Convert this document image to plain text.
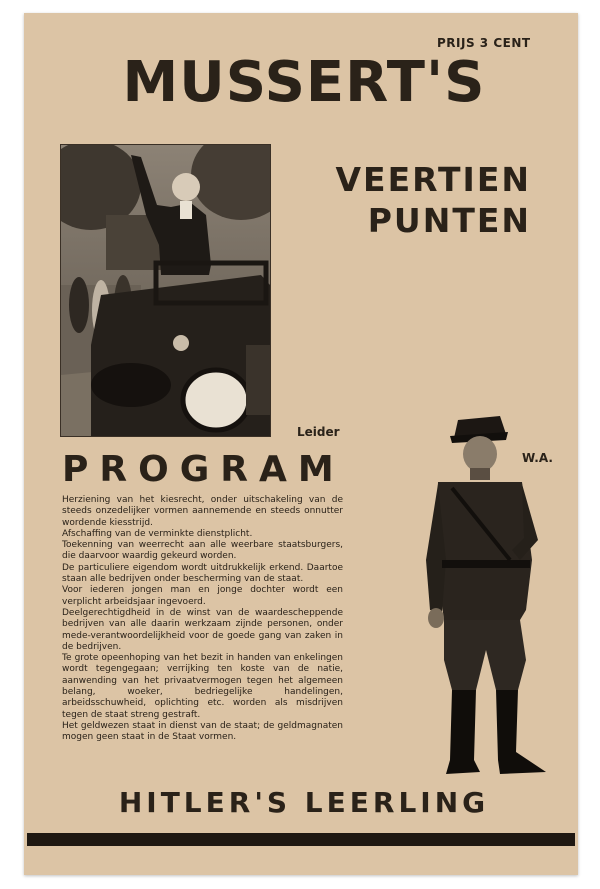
PRIJS 3 CENT
MUSSERT'S
VEERTIEN
PUNTEN
Leider
W.A.
PROGRAM

Herziening van het kiesrecht, onder uitschakeling van de steeds onzedelijker vormen aannemende en steeds onnutter wordende kiesstrijd.

Afschaffing van de verminkte dienstplicht.

Toekenning van weerrecht aan alle weerbare staatsburgers, die daarvoor waardig gekeurd worden.

De particuliere eigendom wordt uitdrukkelijk erkend. Daartoe staan alle bedrijven onder bescherming van de staat.

Voor iederen jongen man en jonge dochter wordt een verplicht arbeidsjaar ingevoerd.

Deelgerechtigdheid in de winst van de waardescheppende bedrijven van alle daarin werkzaam zijnde personen, onder mede-verantwoordelijkheid voor de goede gang van zaken in de bedrijven.

Te grote opeenhoping van het bezit in handen van enkelingen wordt tegengegaan; verrijking ten koste van de natie, aanwending van het privaatvermogen tegen het algemeen belang, woeker, bedriegelijke handelingen, arbeidsschuwheid, oplichting etc. worden als misdrijven tegen de staat streng gestraft.

Het geldwezen staat in dienst van de staat; de geldmagnaten mogen geen staat in de Staat vormen.

HITLER'S LEERLING
